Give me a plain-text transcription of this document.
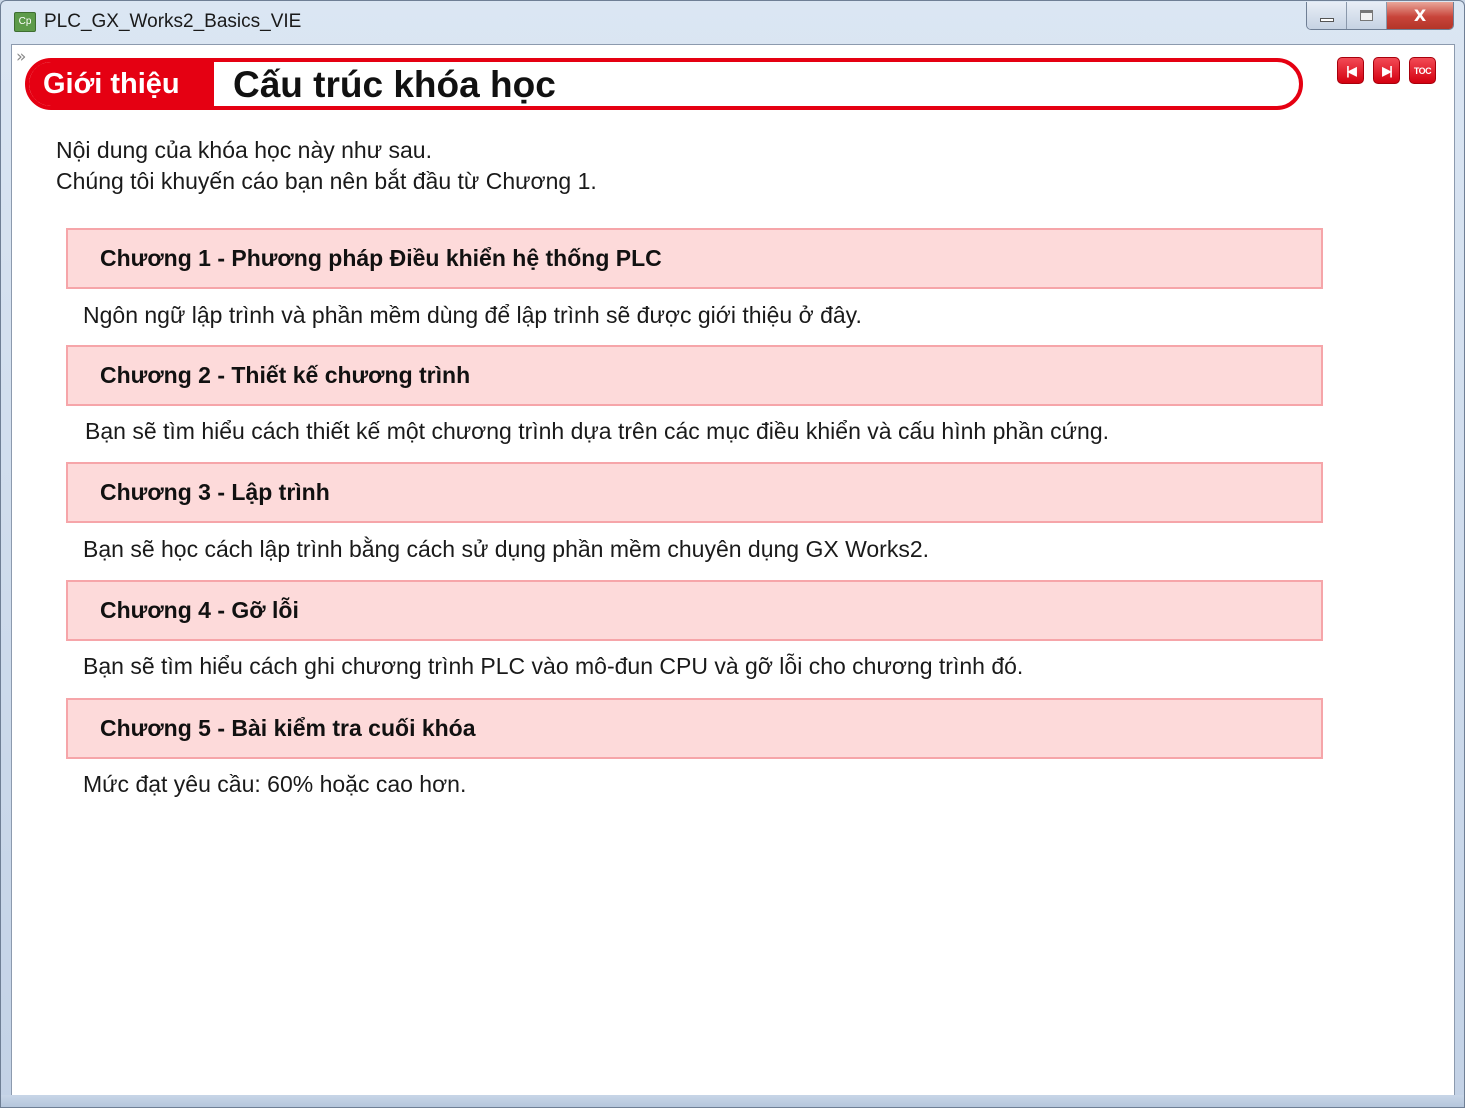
Cp PLC_GX_Works2_Basics_VIE	X
»
Giới thiệu	Cấu trúc khóa học	|◀ ▶|	TOC
Nội dung của khóa học này như sau.
Chúng tôi khuyến cáo bạn nên bắt đầu từ Chương 1.
Chương 1 - Phương pháp Điều khiển hệ thống PLC
Ngôn ngữ lập trình và phần mềm dùng để lập trình sẽ được giới thiệu ở đây.
Chương 2 - Thiết kế chương trình
Bạn sẽ tìm hiểu cách thiết kế một chương trình dựa trên các mục điều khiển và cấu hình phần cứng.
Chương 3 - Lập trình
Bạn sẽ học cách lập trình bằng cách sử dụng phần mềm chuyên dụng GX Works2.
Chương 4 - Gỡ lỗi
Bạn sẽ tìm hiểu cách ghi chương trình PLC vào mô-đun CPU và gỡ lỗi cho chương trình đó.
Chương 5 - Bài kiểm tra cuối khóa
Mức đạt yêu cầu: 60% hoặc cao hơn.
